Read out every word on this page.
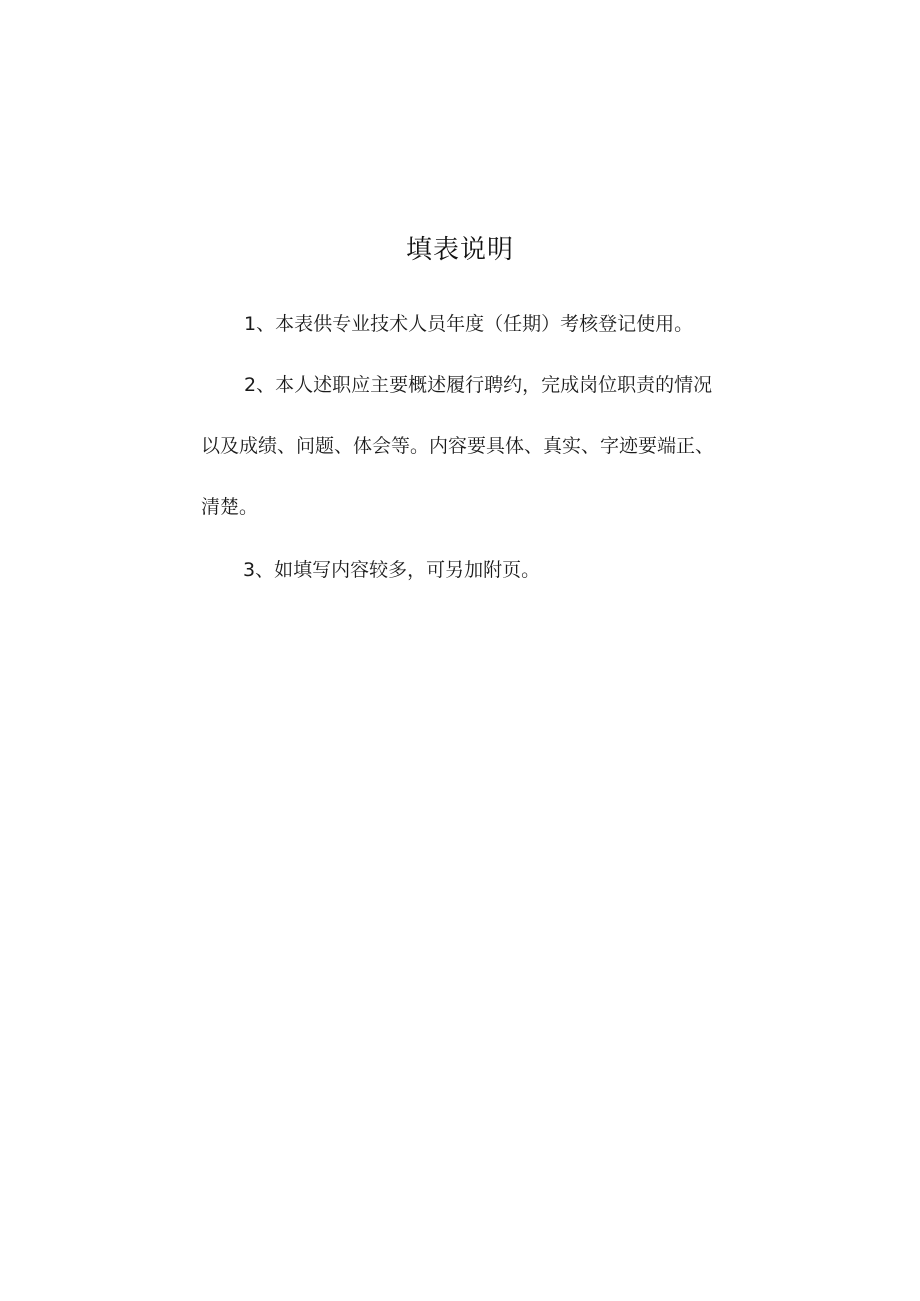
填表说明
1、本表供专业技术人员年度（任期）考核登记使用。
2、本人述职应主要概述履行聘约，完成岗位职责的情况
以及成绩、问题、体会等。内容要具体、真实、字迹要端正、
清楚。
3、如填写内容较多，可另加附页。
